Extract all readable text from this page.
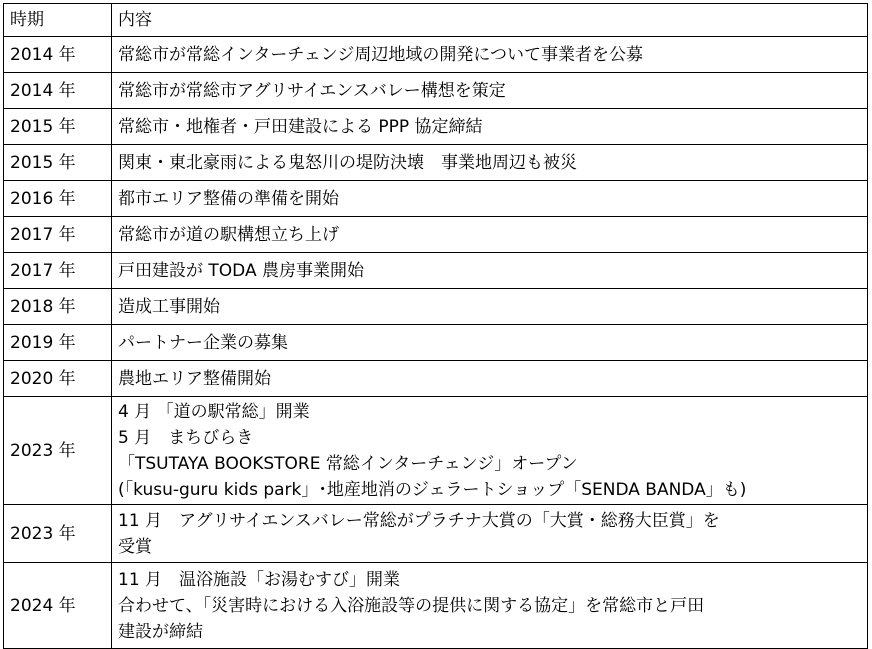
時期	内容
2014 年	常総市が常総インターチェンジ周辺地域の開発について事業者を公募

2014 年	常総市が常総市アグリサイエンスバレー構想を策定

2015 年	常総市・地権者・戸田建設による PPP 協定締結

2015 年	関東・東北豪雨による鬼怒川の堤防決壊　事業地周辺も被災

2016 年	都市エリア整備の準備を開始

2017 年	常総市が道の駅構想立ち上げ

2017 年	戸田建設が TODA 農房事業開始

2018 年	造成工事開始

2019 年	パートナー企業の募集

2020 年	農地エリア整備開始

2023 年	4 月 「道の駅常総」開業
5 月　まちびらき
「TSUTAYA BOOKSTORE 常総インターチェンジ」オープン
(「kusu-guru kids park」･地産地消のジェラートショップ「SENDA BANDA」も)

2023 年	11 月　アグリサイエンスバレー常総がプラチナ大賞の「大賞・総務大臣賞」を
受賞

2024 年	11 月　温浴施設「お湯むすび」開業
合わせて、「災害時における入浴施設等の提供に関する協定」を常総市と戸田
建設が締結
